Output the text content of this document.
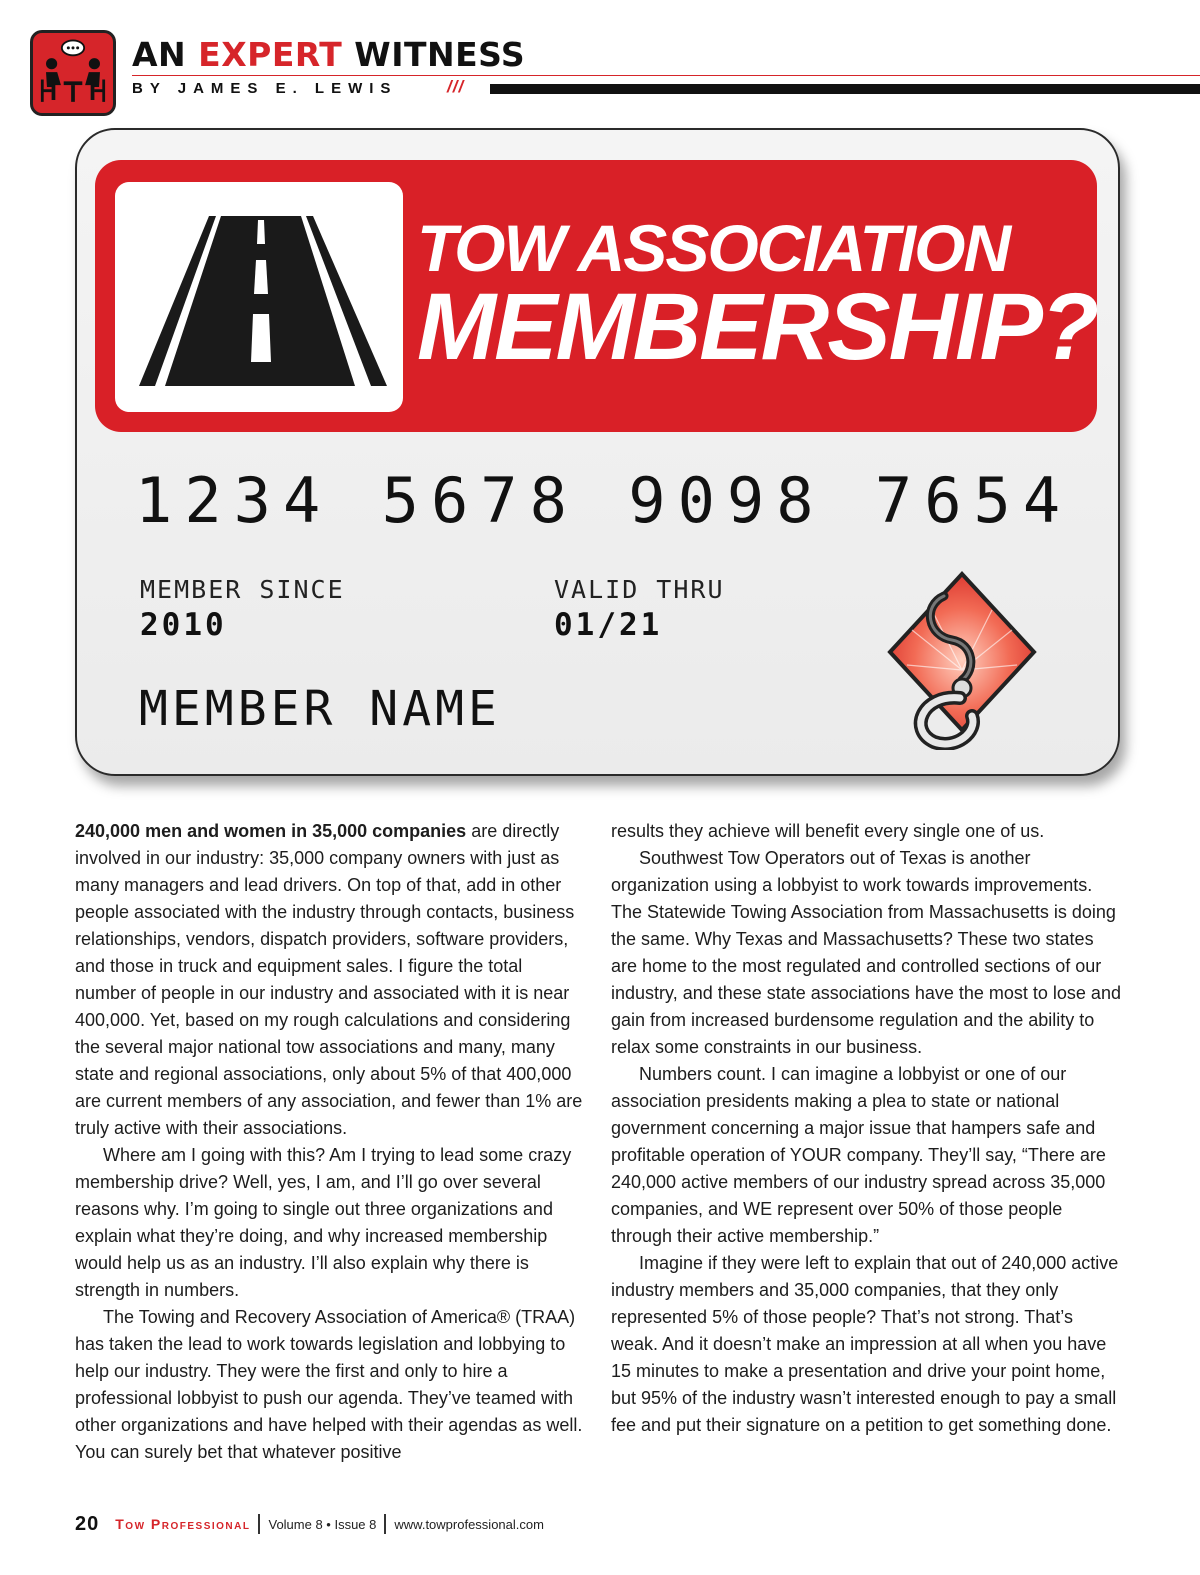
AN EXPERT WITNESS
BY JAMES E. LEWIS	///
TOW ASSOCIATION
MEMBERSHIP?
1234 5678 9098 7654
MEMBER SINCE
2010
VALID THRU
01/21
MEMBER NAME

240,000 men and women in 35,000 companies are directly involved in our industry: 35,000 company owners with just as many managers and lead drivers. On top of that, add in other people associated with the industry through contacts, business relationships, vendors, dispatch providers, software providers, and those in truck and equipment sales. I figure the total number of people in our industry and associated with it is near 400,000. Yet, based on my rough calculations and considering the several major national tow associations and many, many state and regional associations, only about 5% of that 400,000 are current members of any association, and fewer than 1% are truly active with their associations.

Where am I going with this? Am I trying to lead some crazy membership drive? Well, yes, I am, and I’ll go over several reasons why. I’m going to single out three organizations and explain what they’re doing, and why increased membership would help us as an industry. I’ll also explain why there is strength in numbers.

The Towing and Recovery Association of America® (TRAA) has taken the lead to work towards legislation and lobbying to help our industry. They were the first and only to hire a professional lobbyist to push our agenda. They’ve teamed with other organizations and have helped with their agendas as well. You can surely bet that whatever positive

results they achieve will benefit every single one of us.

Southwest Tow Operators out of Texas is another organization using a lobbyist to work towards improvements. The Statewide Towing Association from Massachusetts is doing the same. Why Texas and Massachusetts? These two states are home to the most regulated and controlled sections of our industry, and these state associations have the most to lose and gain from increased burdensome regulation and the ability to relax some constraints in our business.

Numbers count. I can imagine a lobbyist or one of our association presidents making a plea to state or national government concerning a major issue that hampers safe and profitable operation of YOUR company. They’ll say, “There are 240,000 active members of our industry spread across 35,000 companies, and WE represent over 50% of those people through their active membership.”

Imagine if they were left to explain that out of 240,000 active industry members and 35,000 companies, that they only represented 5% of those people? That’s not strong. That’s weak. And it doesn’t make an impression at all when you have 15 minutes to make a presentation and drive your point home, but 95% of the industry wasn’t interested enough to pay a small fee and put their signature on a petition to get something done.

20 Tow Professional Volume 8 • Issue 8 www.towprofessional.com
